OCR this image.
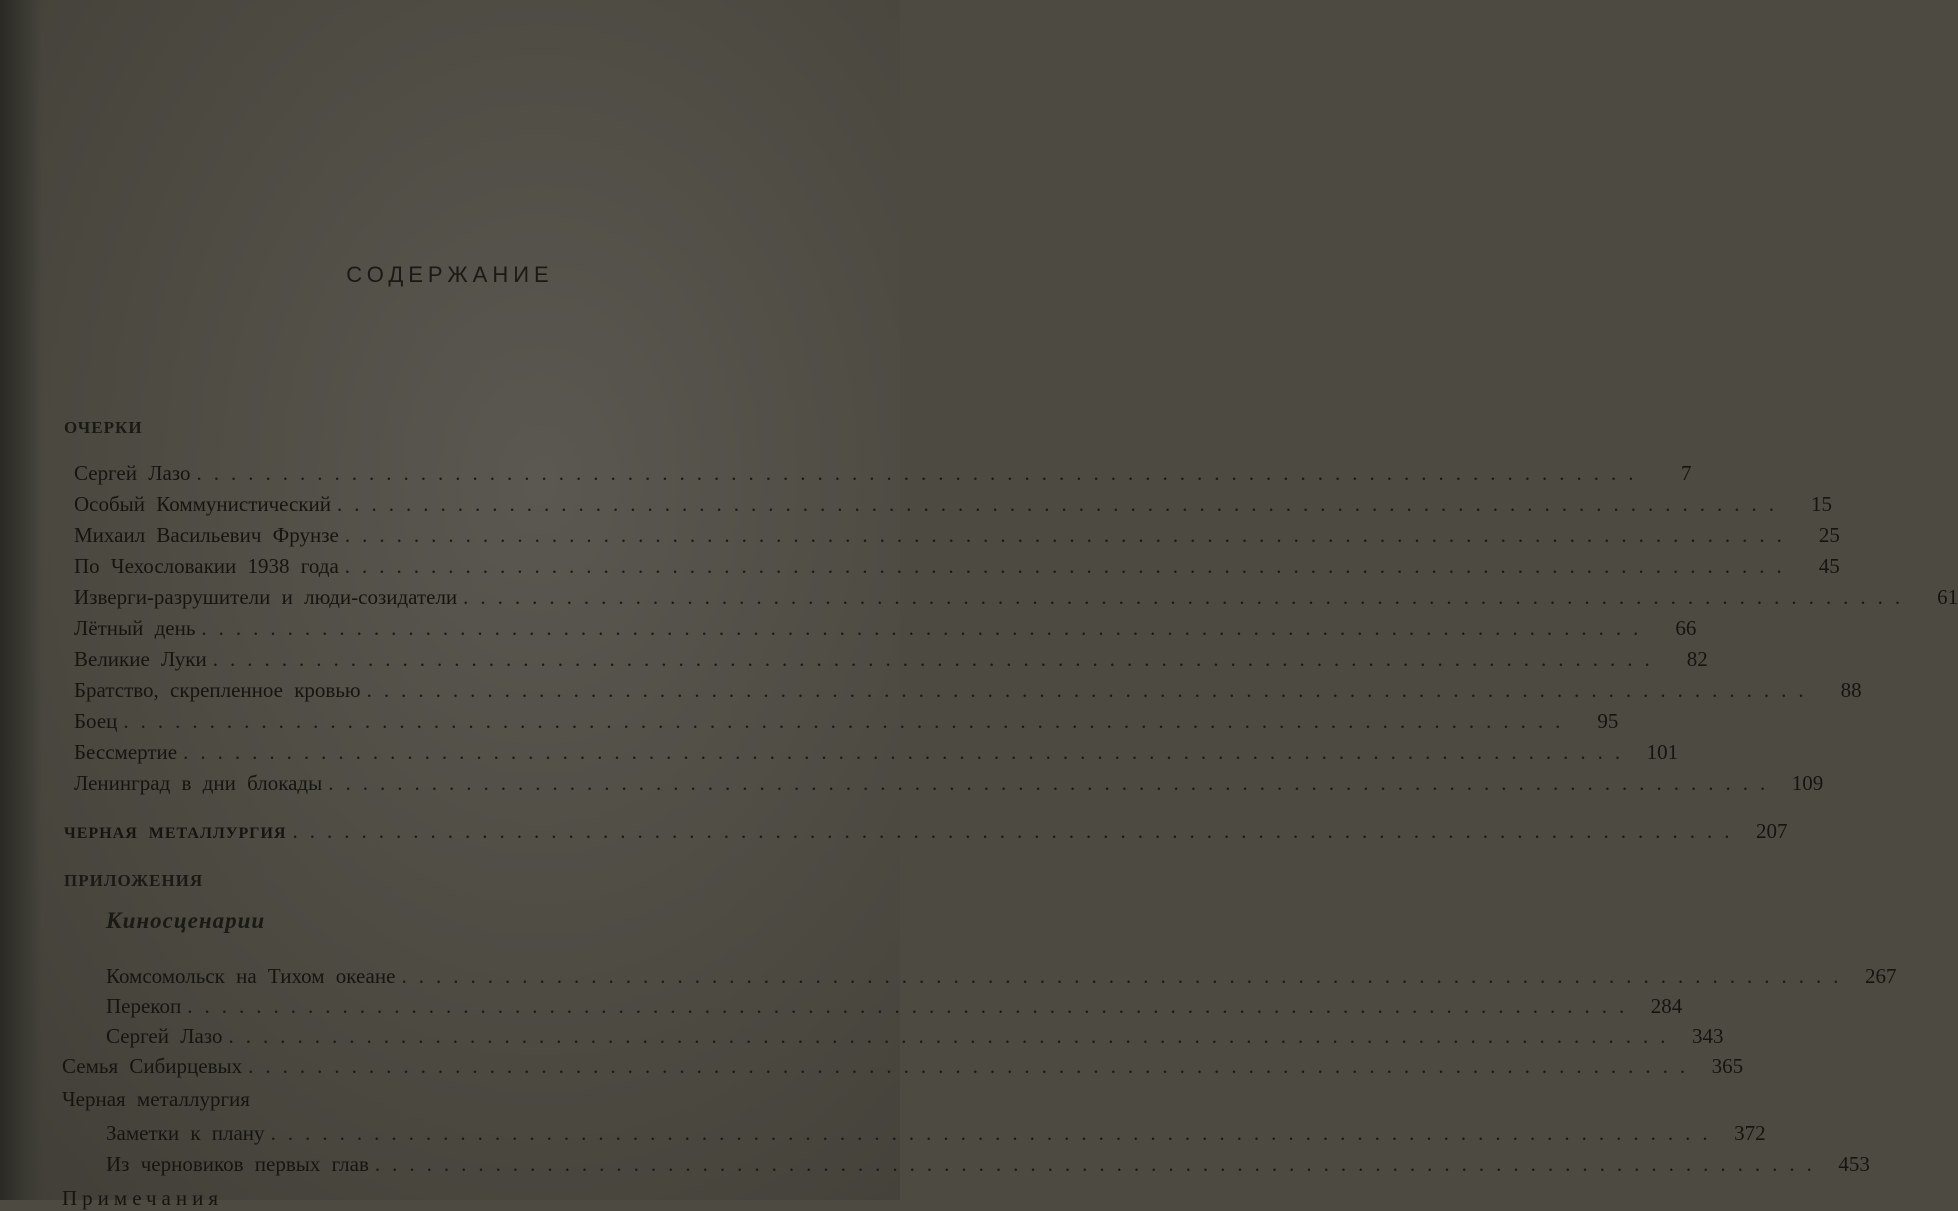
СОДЕРЖАНИЕ
ОЧЕРКИ
Сергей Лазо ....................................................................................	7
Особый Коммунистический ....................................................................................	15
Михаил Васильевич Фрунзе ....................................................................................	25
По Чехословакии 1938 года ....................................................................................	45
Изверги-разрушители и люди-созидатели ....................................................................................	61
Лётный день ....................................................................................	66
Великие Луки ....................................................................................	82
Братство, скрепленное кровью ....................................................................................	88
Боец ....................................................................................	95
Бессмертие .................................................................................... 101
Ленинград в дни блокады .................................................................................... 109
ЧЕРНАЯ МЕТАЛЛУРГИЯ .................................................................................... 207
ПРИЛОЖЕНИЯ
Киносценарии
Комсомольск на Тихом океане .................................................................................... 267
Перекоп .................................................................................... 284
Сергей Лазо .................................................................................... 343
Семья Сибирцевых .................................................................................... 365
Черная металлургия
Заметки к плану .................................................................................... 372
Из черновиков первых глав .................................................................................... 453
Примечания
